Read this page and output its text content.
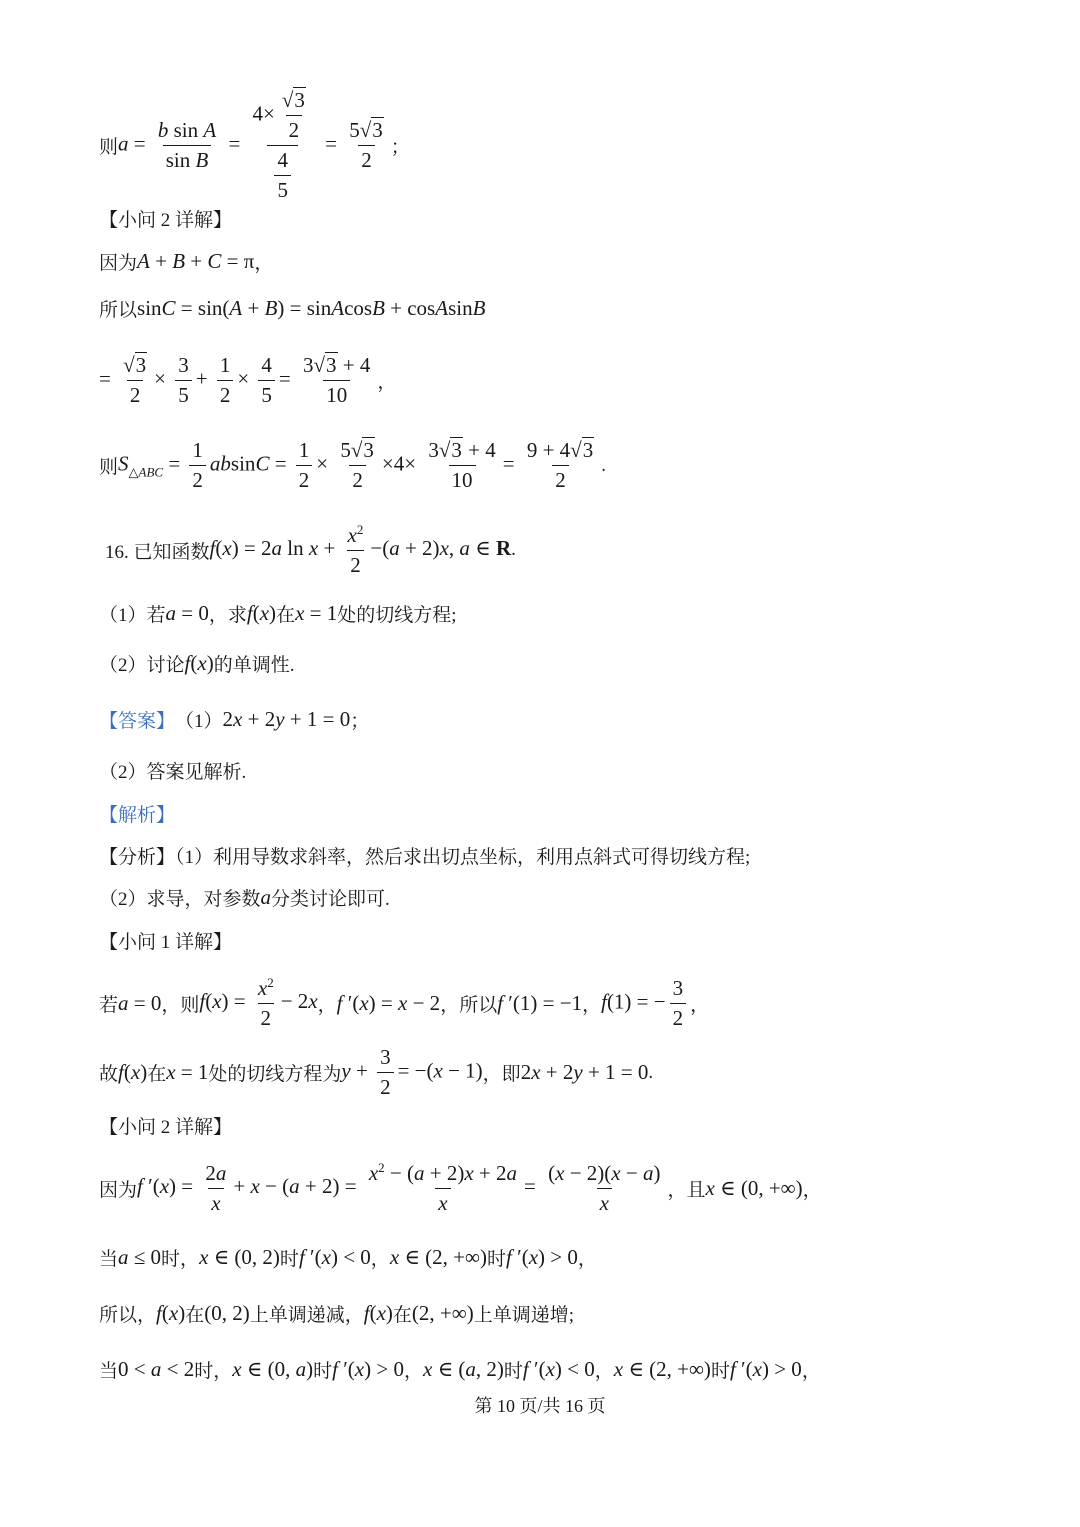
则 $a = \frac{\text{b sin A}}{\text{sin B}} = \frac{4\times \frac{√3}{2}}{\frac{4}{5}} = \frac{5√3}{2}$ ；
【小问 2 详解】
因为 A + B + C = π ，
所以 sinC = sin(A + B) = sinAcosB + cosAsinB
= $\frac{√3}{2} \times \frac{3}{5} + \frac{1}{2} \times \frac{4}{5} = \frac{3√3 + 4}{10}$ ，
则 $S_{\triangle ABC} = \frac{1}{2}$ $absinC = \frac{1}{2} \times \frac{5√3}{2} \times 4\times \frac{3√3 + 4}{10} = \frac{9 + 4√3}{2}$ .
16. 已知函数 f(x) = 2a $\ln x + \frac{x^2}{2} -(a + 2)x$, a ∈ R .
（1）若 a = 0 ，求 f(x) 在 x = 1 处的切线方程;
（2）讨论 f(x) 的单调性.
【答案】 （1） 2x + 2y + 1 = 0 ；
（2）答案见解析.
【解析】
【分析】（1）利用导数求斜率，然后求出切点坐标，利用点斜式可得切线方程;
（2）求导，对参数 a 分类讨论即可.
【小问 1 详解】
若 a = 0 ，则 $f(x) = \frac{x^2}{2} - 2x$ ， f ′(x) = x − 2 ，所以 f ′(1) = −1 ， f(1) = − $\frac{3}{2}$ ，
故 f(x) 在 x = 1 处的切线方程为 $y + \frac{3}{2} = -(x - 1)$ ，即 2x + 2y + 1 = 0 .
【小问 2 详解】
因为 f $'(x) = \frac{2a}{x} + x - (a + 2) = \frac{x^2 - (a + 2)x + 2a}{x} = \frac{(x - 2)(x - a)}{x}$ ，且 x ∈ (0, +∞) ，
当 a ≤ 0 时， x ∈ (0, 2) 时 f ′(x) < 0 ， x ∈ (2, +∞) 时 f ′(x) > 0 ，
所以， f(x) 在 (0, 2) 上单调递减， f(x) 在 (2, +∞) 上单调递增;
当 0 < a < 2 时， x ∈ (0, a) 时 f ′(x) > 0 ， x ∈ (a, 2) 时 f ′(x) < 0 ， x ∈ (2, +∞) 时 f ′(x) > 0 ，
第 10 页/共 16 页
